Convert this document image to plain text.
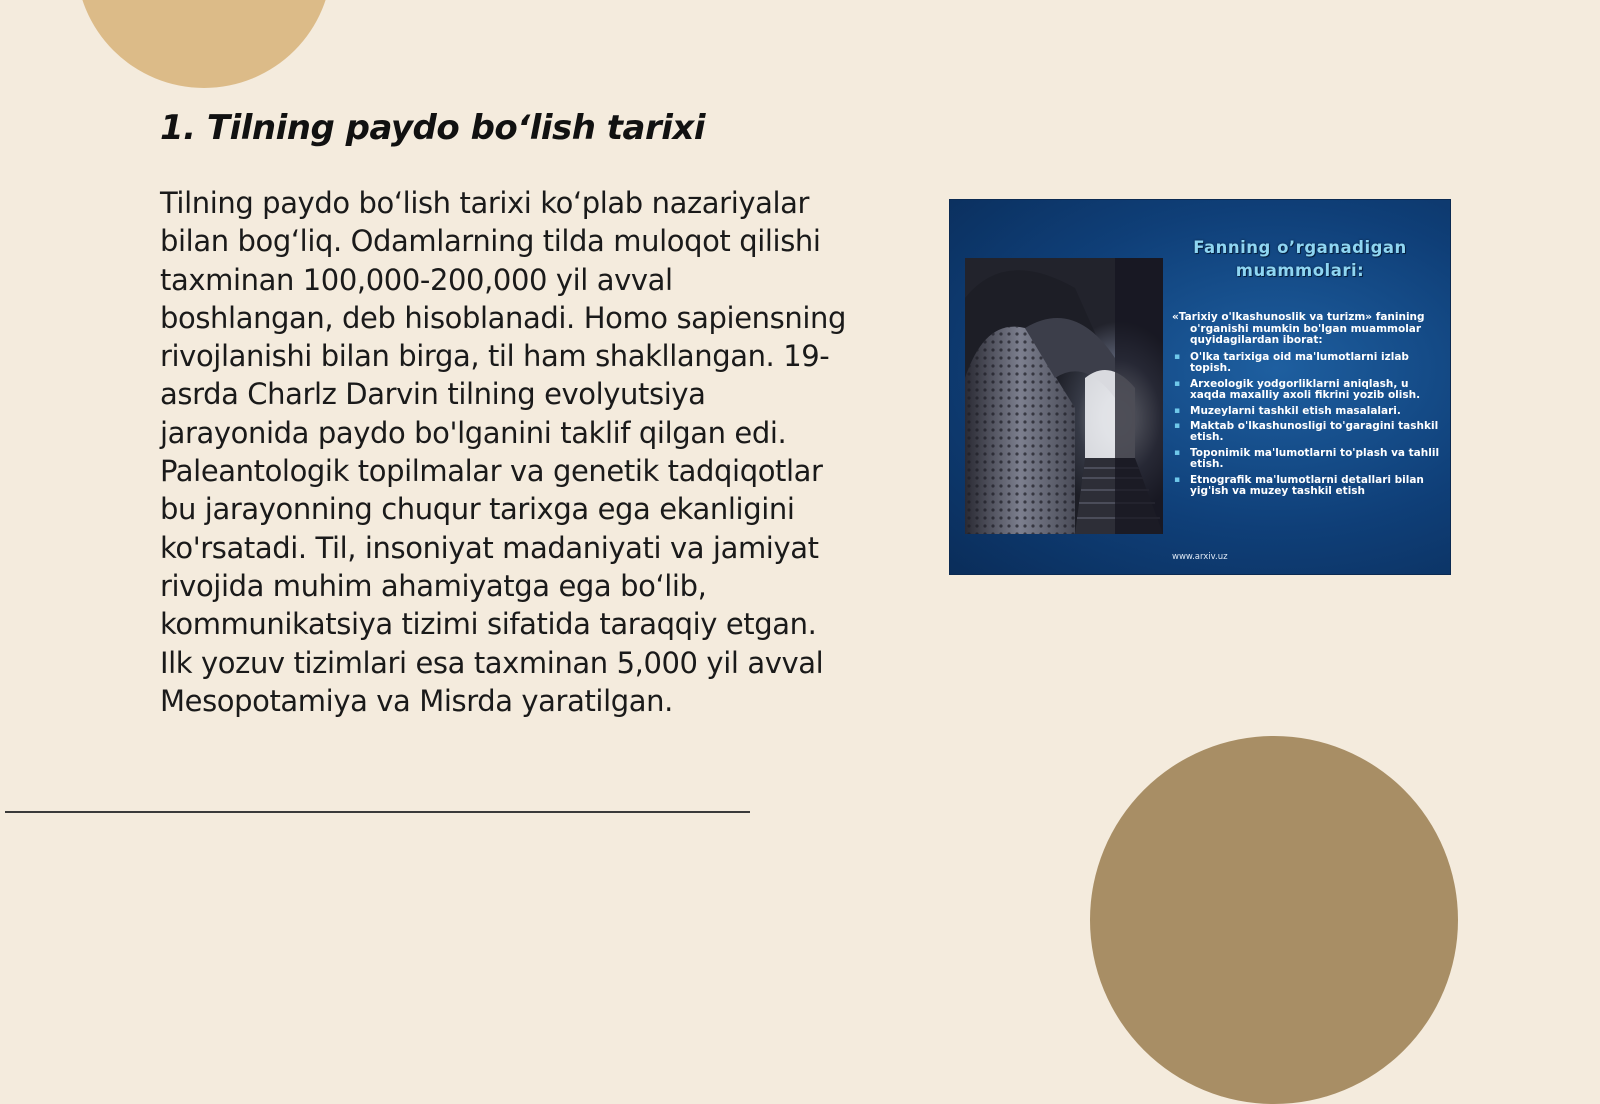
1. Tilning paydo bo‘lish tarixi

Tilning paydo bo‘lish tarixi ko‘plab nazariyalar bilan bog‘liq. Odamlarning tilda muloqot qilishi taxminan 100,000-200,000 yil avval boshlangan, deb hisoblanadi. Homo sapiensning rivojlanishi bilan birga, til ham shakllangan. 19-asrda Charlz Darvin tilning evolyutsiya jarayonida paydo bo'lganini taklif qilgan edi. Paleantologik topilmalar va genetik tadqiqotlar bu jarayonning chuqur tarixga ega ekanligini ko'rsatadi. Til, insoniyat madaniyati va jamiyat rivojida muhim ahamiyatga ega bo‘lib, kommunikatsiya tizimi sifatida taraqqiy etgan. Ilk yozuv tizimlari esa taxminan 5,000 yil avval Mesopotamiya va Misrda yaratilgan.

Fanning o’rganadigan
muammolari:

«Tarixiy o'lkashunoslik va turizm» fanining o'rganishi mumkin bo'lgan muammolar quyidagilardan iborat:

▪ O'lka tarixiga oid ma'lumotlarni izlab topish.
▪ Arxeologik yodgorliklarni aniqlash, u xaqda maxalliy axoli fikrini yozib olish.
▪ Muzeylarni tashkil etish masalalari.
▪ Maktab o'lkashunosligi to'garagini tashkil etish.
▪ Toponimik ma'lumotlarni to'plash va tahlil etish.
▪ Etnografik ma'lumotlarni detallari bilan yig'ish va muzey tashkil etish

www.arxiv.uz
